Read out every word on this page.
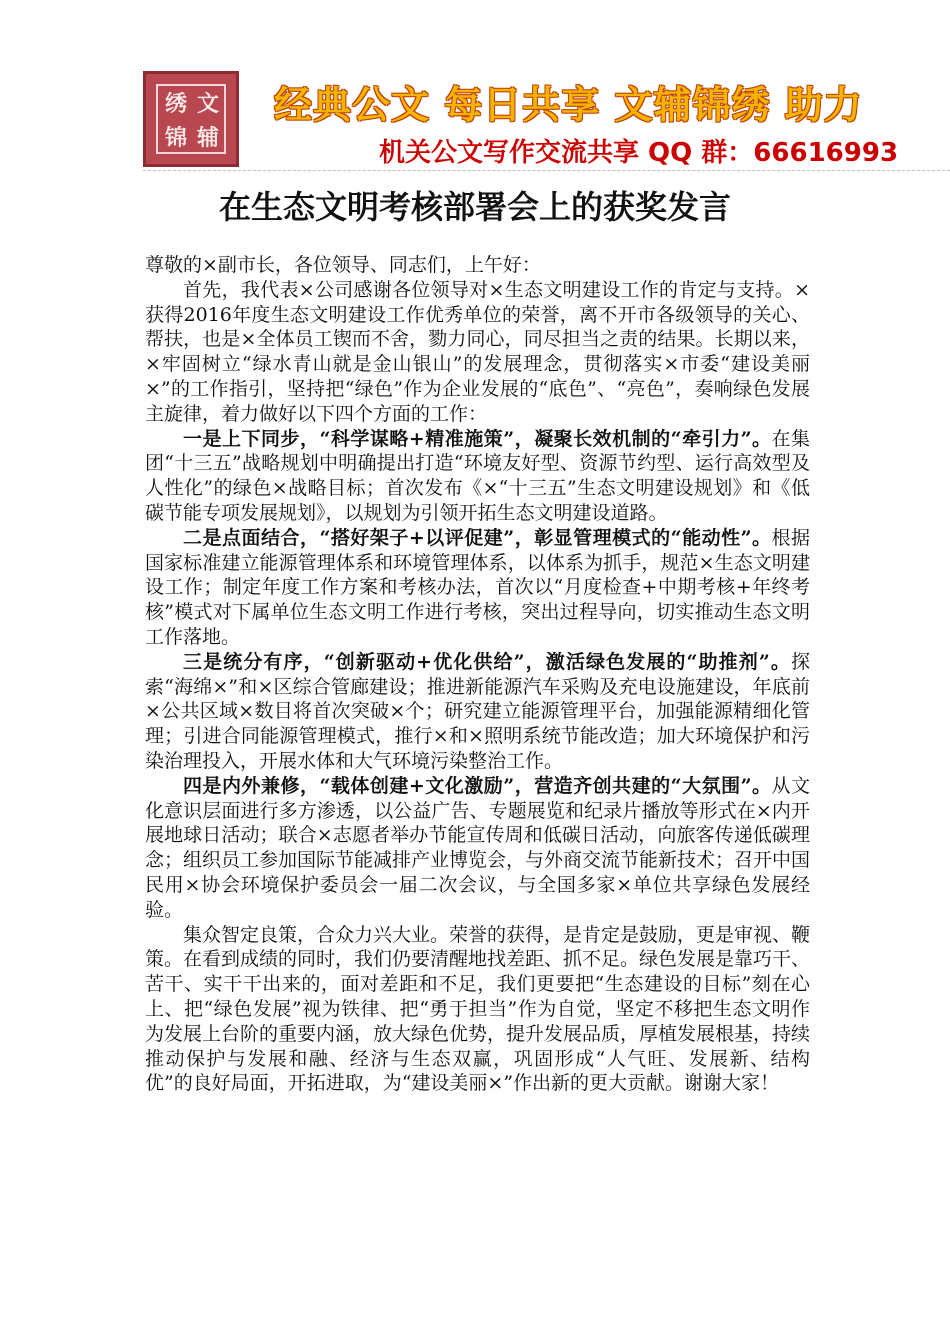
锦
绣 文
辅
经典公文 每日共享 文辅锦绣 助力
机关公文写作交流共享 QQ 群：66616993
在生态文明考核部署会上的获奖发言

尊敬的×副市长，各位领导、同志们，上午好：

首先，我代表×公司感谢各位领导对×生态文明建设工作的肯定与支持。×获得2016年度生态文明建设工作优秀单位的荣誉，离不开市各级领导的关心、帮扶，也是×全体员工锲而不舍，勠力同心，同尽担当之责的结果。长期以来，×牢固树立“绿水青山就是金山银山”的发展理念，贯彻落实×市委“建设美丽×”的工作指引，坚持把“绿色”作为企业发展的“底色”、“亮色”，奏响绿色发展主旋律，着力做好以下四个方面的工作：

一是上下同步，“科学谋略+精准施策”，凝聚长效机制的“牵引力”。在集团“十三五”战略规划中明确提出打造“环境友好型、资源节约型、运行高效型及人性化”的绿色×战略目标；首次发布《×“十三五”生态文明建设规划》和《低碳节能专项发展规划》，以规划为引领开拓生态文明建设道路。

二是点面结合，“搭好架子+以评促建”，彰显管理模式的“能动性”。根据国家标准建立能源管理体系和环境管理体系，以体系为抓手，规范×生态文明建设工作；制定年度工作方案和考核办法，首次以“月度检查+中期考核+年终考核”模式对下属单位生态文明工作进行考核，突出过程导向，切实推动生态文明工作落地。

三是统分有序，“创新驱动+优化供给”，激活绿色发展的“助推剂”。探索“海绵×”和×区综合管廊建设；推进新能源汽车采购及充电设施建设，年底前×公共区域×数目将首次突破×个；研究建立能源管理平台，加强能源精细化管理；引进合同能源管理模式，推行×和×照明系统节能改造；加大环境保护和污染治理投入，开展水体和大气环境污染整治工作。

四是内外兼修，“载体创建+文化激励”，营造齐创共建的“大氛围”。从文化意识层面进行多方渗透，以公益广告、专题展览和纪录片播放等形式在×内开展地球日活动；联合×志愿者举办节能宣传周和低碳日活动，向旅客传递低碳理念；组织员工参加国际节能减排产业博览会，与外商交流节能新技术；召开中国民用×协会环境保护委员会一届二次会议，与全国多家×单位共享绿色发展经验。

集众智定良策，合众力兴大业。荣誉的获得，是肯定是鼓励，更是审视、鞭策。在看到成绩的同时，我们仍要清醒地找差距、抓不足。绿色发展是靠巧干、苦干、实干干出来的，面对差距和不足，我们更要把“生态建设的目标”刻在心上、把“绿色发展”视为铁律、把“勇于担当”作为自觉，坚定不移把生态文明作为发展上台阶的重要内涵，放大绿色优势，提升发展品质，厚植发展根基，持续推动保护与发展和融、经济与生态双赢，巩固形成“人气旺、发展新、结构优”的良好局面，开拓进取，为“建设美丽×”作出新的更大贡献。谢谢大家！
